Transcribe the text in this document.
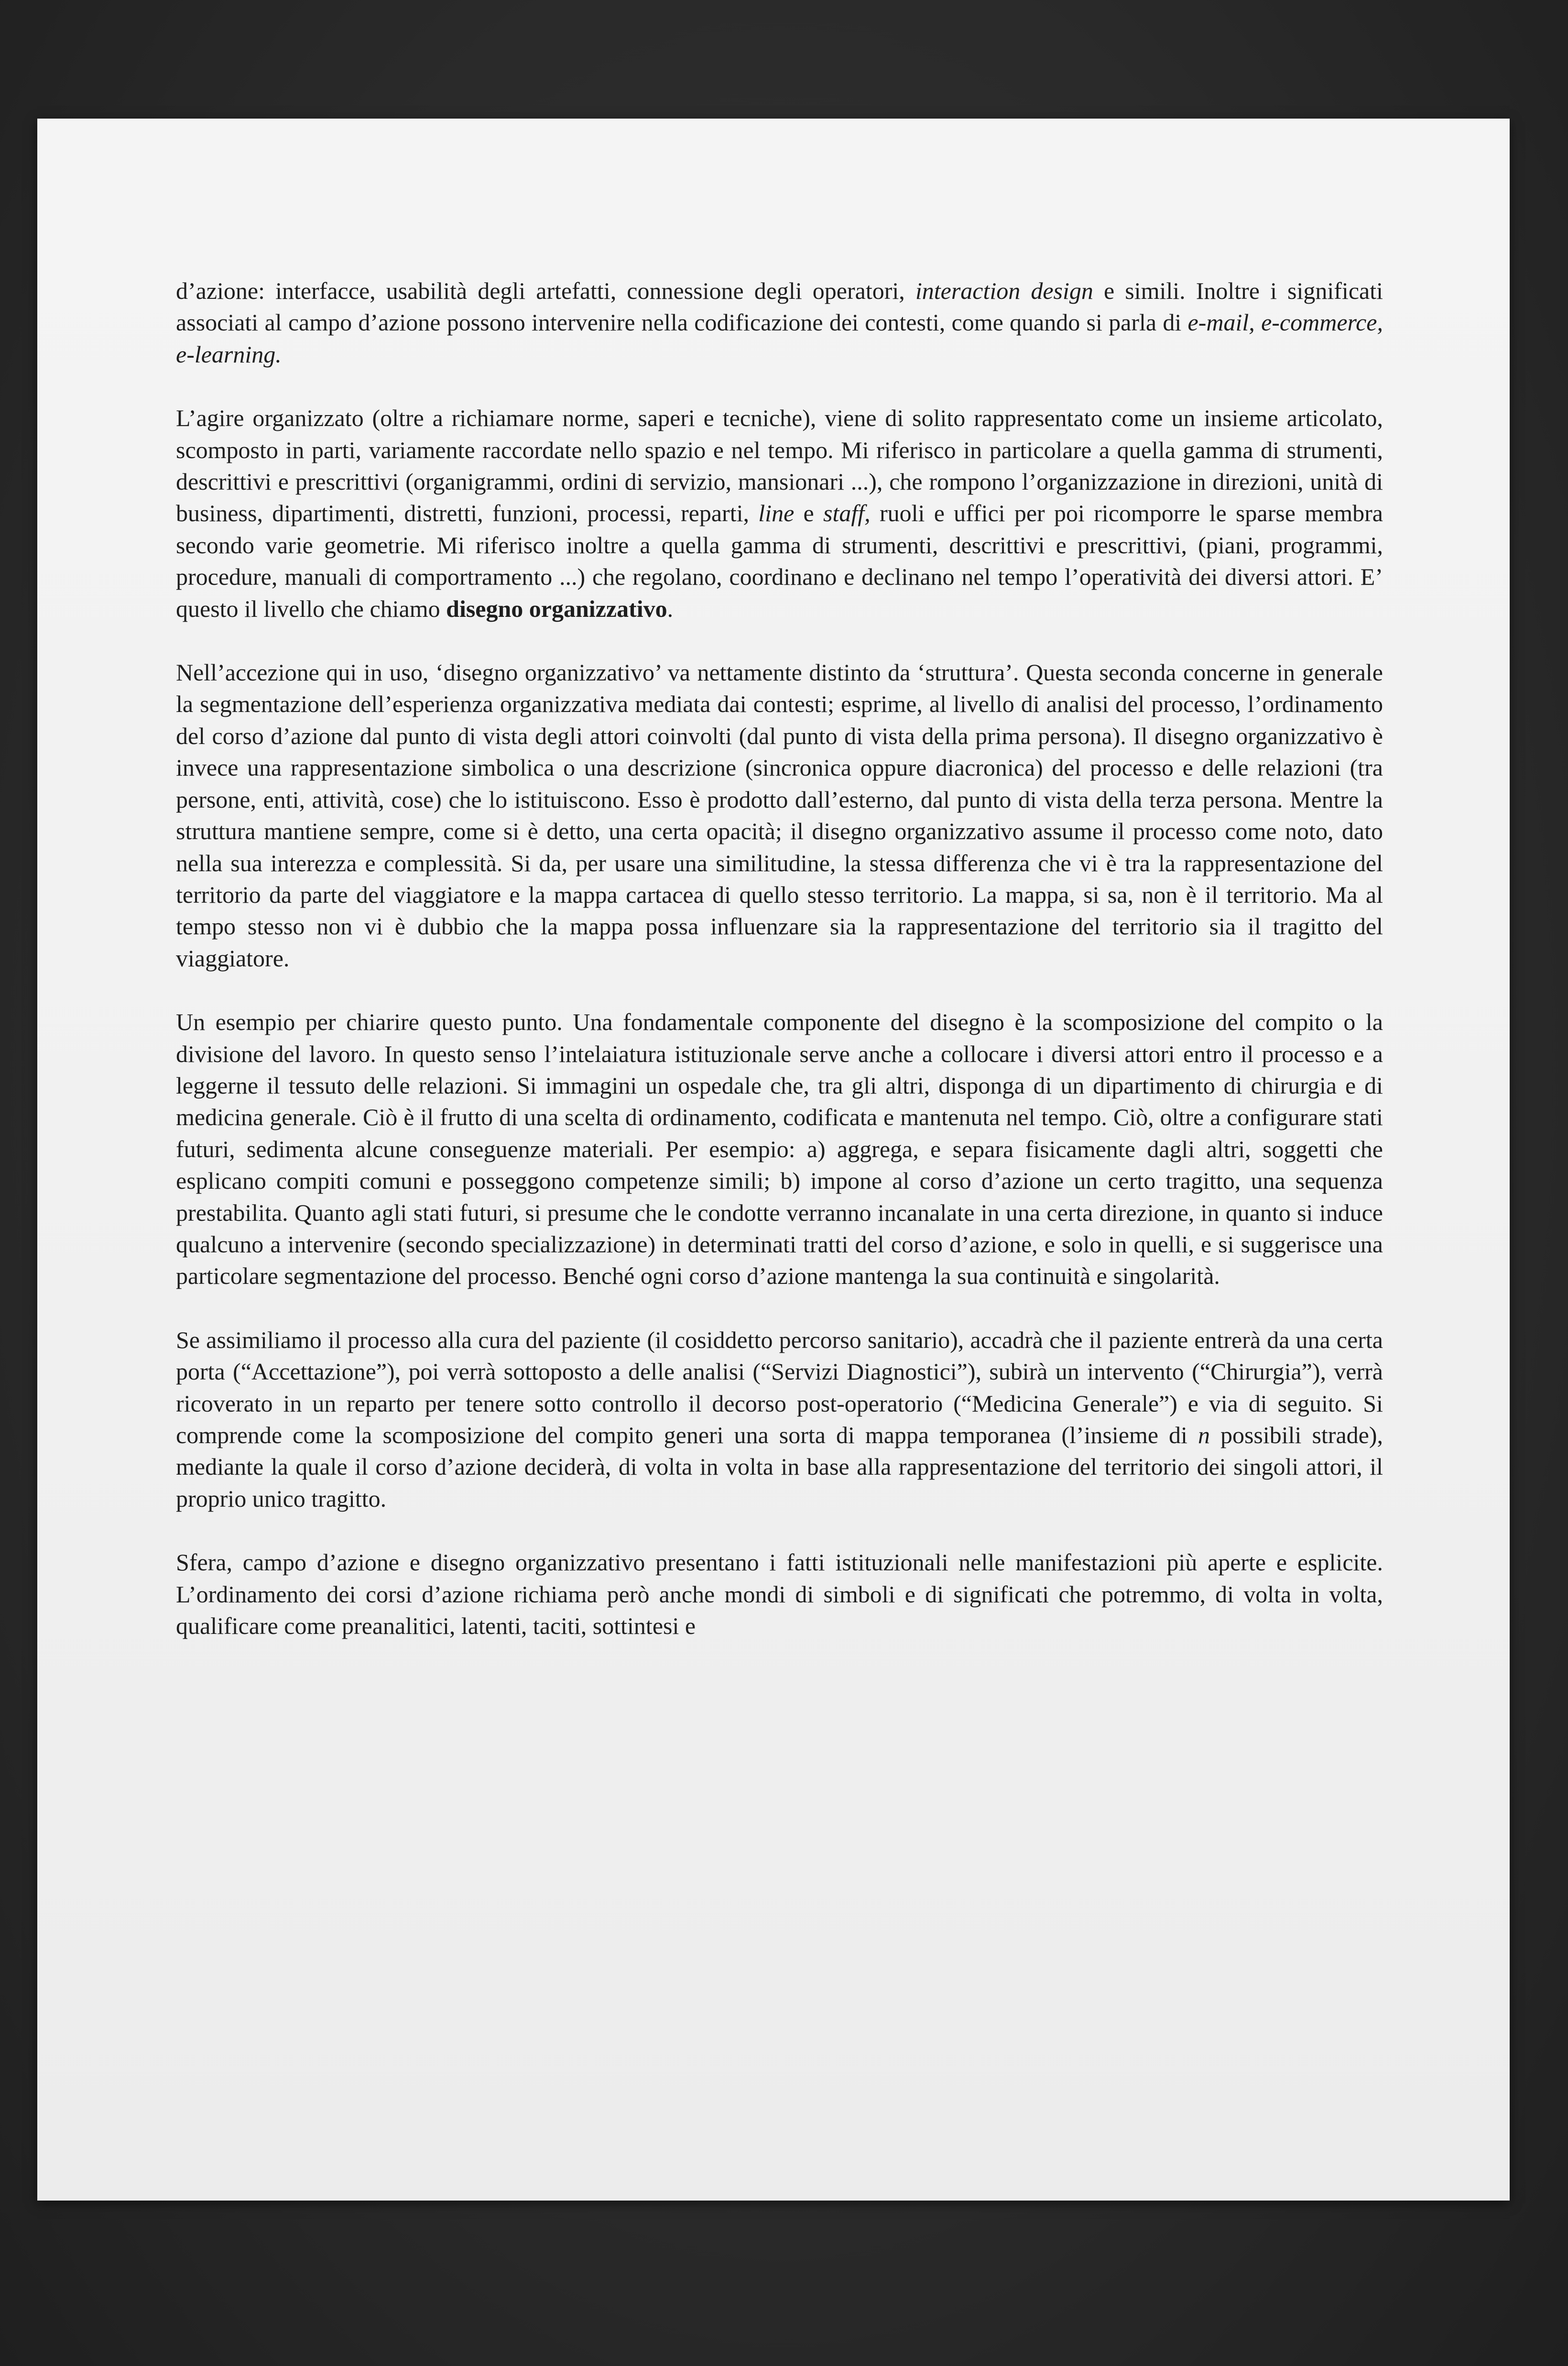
d’azione: interfacce, usabilità degli artefatti, connessione degli operatori, interaction design e simili. Inoltre i significati associati al campo d’azione possono intervenire nella codificazione dei contesti, come quando si parla di e-mail, e-commerce, e-learning.

L’agire organizzato (oltre a richiamare norme, saperi e tecniche), viene di solito rappresentato come un insieme articolato, scomposto in parti, variamente raccordate nello spazio e nel tempo. Mi riferisco in particolare a quella gamma di strumenti, descrittivi e prescrittivi (organigrammi, ordini di servizio, mansionari ...), che rompono l’organizzazione in direzioni, unità di business, dipartimenti, distretti, funzioni, processi, reparti, line e staff, ruoli e uffici per poi ricomporre le sparse membra secondo varie geometrie. Mi riferisco inoltre a quella gamma di strumenti, descrittivi e prescrittivi, (piani, programmi, procedure, manuali di comportramento ...) che regolano, coordinano e declinano nel tempo l’operatività dei diversi attori. E’ questo il livello che chiamo disegno organizzativo.

Nell’accezione qui in uso, ‘disegno organizzativo’ va nettamente distinto da ‘struttura’. Questa seconda concerne in generale la segmentazione dell’esperienza organizzativa mediata dai contesti; esprime, al livello di analisi del processo, l’ordinamento del corso d’azione dal punto di vista degli attori coinvolti (dal punto di vista della prima persona). Il disegno organizzativo è invece una rappresentazione simbolica o una descrizione (sincronica oppure diacronica) del processo e delle relazioni (tra persone, enti, attività, cose) che lo istituiscono. Esso è prodotto dall’esterno, dal punto di vista della terza persona. Mentre la struttura mantiene sempre, come si è detto, una certa opacità; il disegno organizzativo assume il processo come noto, dato nella sua interezza e complessità. Si da, per usare una similitudine, la stessa differenza che vi è tra la rappresentazione del territorio da parte del viaggiatore e la mappa cartacea di quello stesso territorio. La mappa, si sa, non è il territorio. Ma al tempo stesso non vi è dubbio che la mappa possa influenzare sia la rappresentazione del territorio sia il tragitto del viaggiatore.

Un esempio per chiarire questo punto. Una fondamentale componente del disegno è la scomposizione del compito o la divisione del lavoro. In questo senso l’intelaiatura istituzionale serve anche a collocare i diversi attori entro il processo e a leggerne il tessuto delle relazioni. Si immagini un ospedale che, tra gli altri, disponga di un dipartimento di chirurgia e di medicina generale. Ciò è il frutto di una scelta di ordinamento, codificata e mantenuta nel tempo. Ciò, oltre a configurare stati futuri, sedimenta alcune conseguenze materiali. Per esempio: a) aggrega, e separa fisicamente dagli altri, soggetti che esplicano compiti comuni e posseggono competenze simili; b) impone al corso d’azione un certo tragitto, una sequenza prestabilita. Quanto agli stati futuri, si presume che le condotte verranno incanalate in una certa direzione, in quanto si induce qualcuno a intervenire (secondo specializzazione) in determinati tratti del corso d’azione, e solo in quelli, e si suggerisce una particolare segmentazione del processo. Benché ogni corso d’azione mantenga la sua continuità e singolarità.

Se assimiliamo il processo alla cura del paziente (il cosiddetto percorso sanitario), accadrà che il paziente entrerà da una certa porta (“Accettazione”), poi verrà sottoposto a delle analisi (“Servizi Diagnostici”), subirà un intervento (“Chirurgia”), verrà ricoverato in un reparto per tenere sotto controllo il decorso post-operatorio (“Medicina Generale”) e via di seguito. Si comprende come la scomposizione del compito generi una sorta di mappa temporanea (l’insieme di n possibili strade), mediante la quale il corso d’azione deciderà, di volta in volta in base alla rappresentazione del territorio dei singoli attori, il proprio unico tragitto.

Sfera, campo d’azione e disegno organizzativo presentano i fatti istituzionali nelle manifestazioni più aperte e esplicite. L’ordinamento dei corsi d’azione richiama però anche mondi di simboli e di significati che potremmo, di volta in volta, qualificare come preanalitici, latenti, taciti, sottintesi e
